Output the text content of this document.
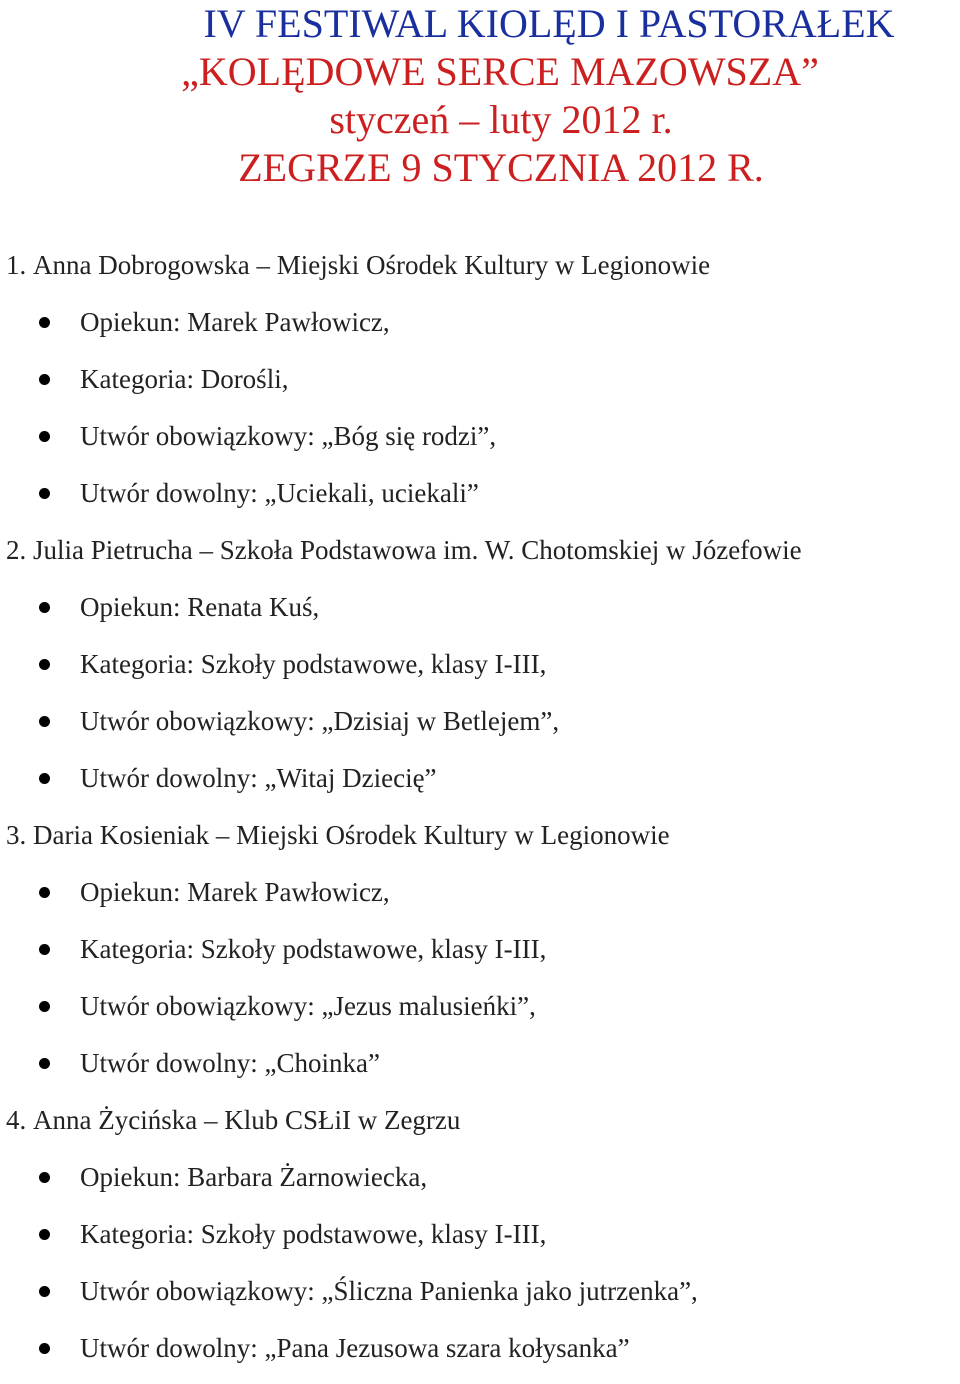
IV FESTIWAL KIOLĘD I PASTORAŁEK
„KOLĘDOWE SERCE MAZOWSZA”
styczeń – luty 2012 r.
ZEGRZE 9 STYCZNIA 2012 R.
1. Anna Dobrogowska – Miejski Ośrodek Kultury w Legionowie
Opiekun: Marek Pawłowicz,
Kategoria: Dorośli,
Utwór obowiązkowy: „Bóg się rodzi”,
Utwór dowolny: „Uciekali, uciekali”
2. Julia Pietrucha – Szkoła Podstawowa im. W. Chotomskiej w Józefowie
Opiekun: Renata Kuś,
Kategoria: Szkoły podstawowe, klasy I-III,
Utwór obowiązkowy: „Dzisiaj w Betlejem”,
Utwór dowolny: „Witaj Dziecię”
3. Daria Kosieniak – Miejski Ośrodek Kultury w Legionowie
Opiekun: Marek Pawłowicz,
Kategoria: Szkoły podstawowe, klasy I-III,
Utwór obowiązkowy: „Jezus malusieńki”,
Utwór dowolny: „Choinka”
4. Anna Życińska – Klub CSŁiI w Zegrzu
Opiekun: Barbara Żarnowiecka,
Kategoria: Szkoły podstawowe, klasy I-III,
Utwór obowiązkowy: „Śliczna Panienka jako jutrzenka”,
Utwór dowolny: „Pana Jezusowa szara kołysanka”
